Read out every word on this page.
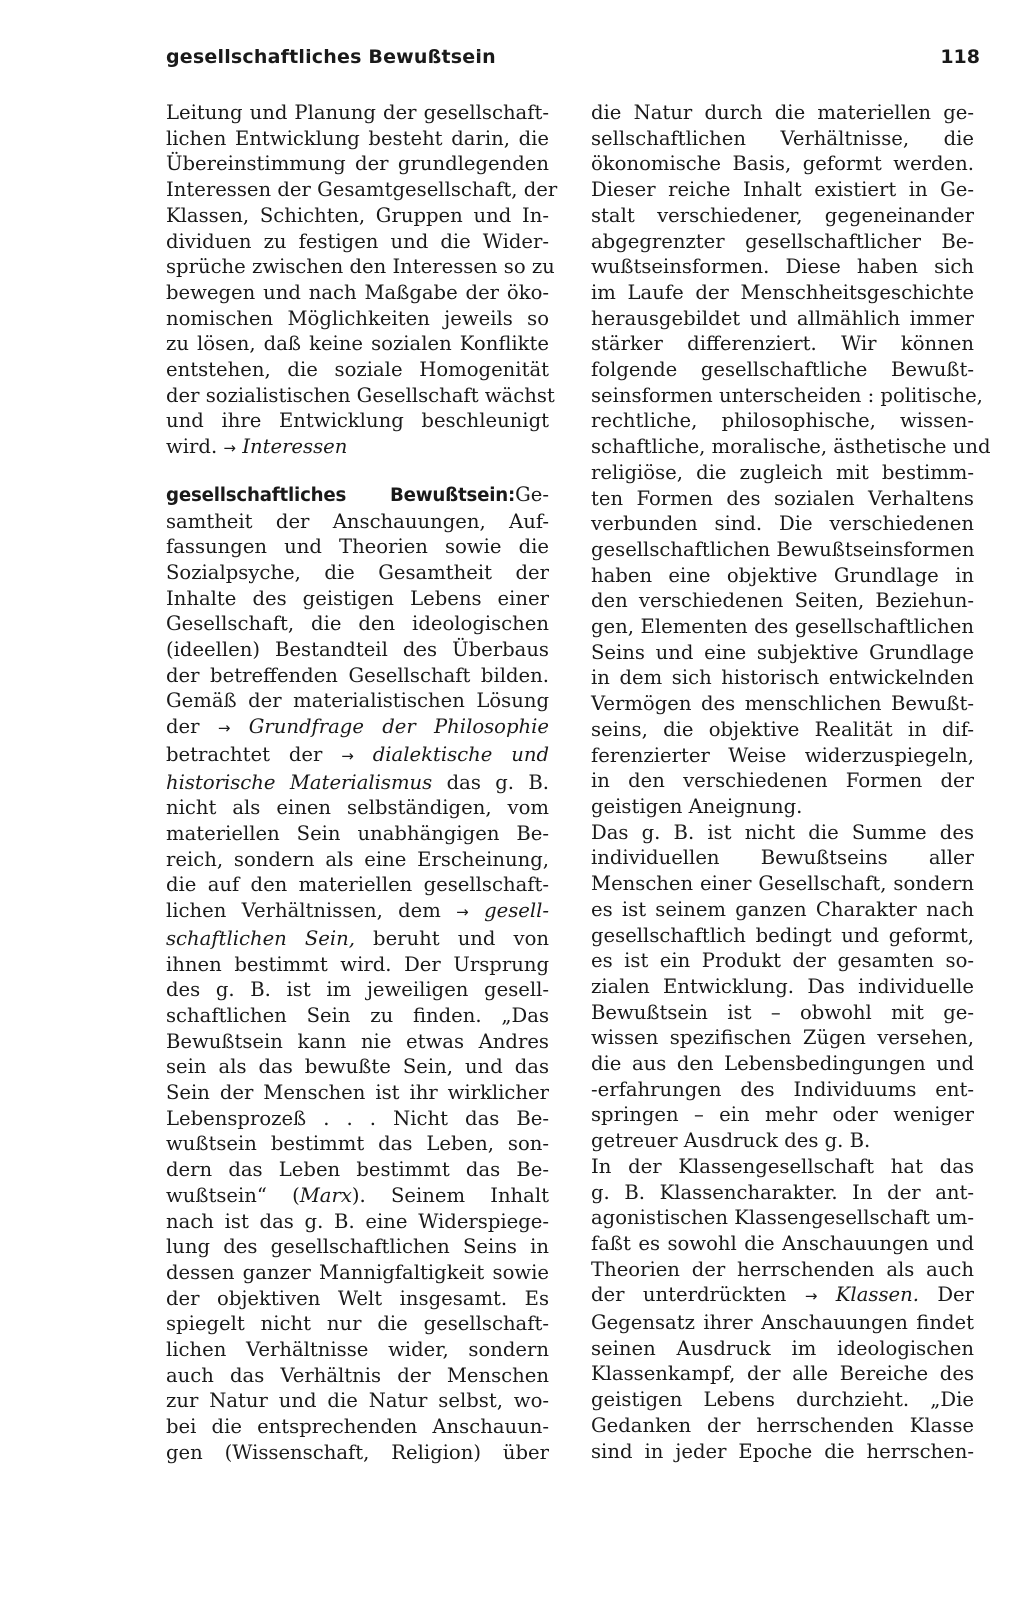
gesellschaftliches Bewußtsein	118
Leitung und Planung der gesellschaft-
lichen Entwicklung besteht darin, die
Übereinstimmung der grundlegenden
Interessen der Gesamtgesellschaft, der
Klassen, Schichten, Gruppen und In-
dividuen zu festigen und die Wider-
sprüche zwischen den Interessen so zu
bewegen und nach Maßgabe der öko-
nomischen Möglichkeiten jeweils so
zu lösen, daß keine sozialen Konflikte
entstehen, die soziale Homogenität
der sozialistischen Gesellschaft wächst
und ihre Entwicklung beschleunigt
wird. → Interessen
gesellschaftliches Bewußtsein:Ge-
samtheit der Anschauungen, Auf-
fassungen und Theorien sowie die
Sozialpsyche, die Gesamtheit der
Inhalte des geistigen Lebens einer
Gesellschaft, die den ideologischen
(ideellen) Bestandteil des Überbaus
der betreffenden Gesellschaft bilden.
Gemäß der materialistischen Lösung
der → Grundfrage der Philosophie
betrachtet der → dialektische und
historische Materialismus das g. B.
nicht als einen selbständigen, vom
materiellen Sein unabhängigen Be-
reich, sondern als eine Erscheinung,
die auf den materiellen gesellschaft-
lichen Verhältnissen, dem → gesell-
schaftlichen Sein, beruht und von
ihnen bestimmt wird. Der Ursprung
des g. B. ist im jeweiligen gesell-
schaftlichen Sein zu finden. „Das
Bewußtsein kann nie etwas Andres
sein als das bewußte Sein, und das
Sein der Menschen ist ihr wirklicher
Lebensprozeß . . . Nicht das Be-
wußtsein bestimmt das Leben, son-
dern das Leben bestimmt das Be-
wußtsein“ (Marx). Seinem Inhalt
nach ist das g. B. eine Widerspiege-
lung des gesellschaftlichen Seins in
dessen ganzer Mannigfaltigkeit sowie
der objektiven Welt insgesamt. Es
spiegelt nicht nur die gesellschaft-
lichen Verhältnisse wider, sondern
auch das Verhältnis der Menschen
zur Natur und die Natur selbst, wo-
bei die entsprechenden Anschauun-
gen (Wissenschaft, Religion) über
die Natur durch die materiellen ge-
sellschaftlichen Verhältnisse, die
ökonomische Basis, geformt werden.
Dieser reiche Inhalt existiert in Ge-
stalt verschiedener, gegeneinander
abgegrenzter gesellschaftlicher Be-
wußtseinsformen. Diese haben sich
im Laufe der Menschheitsgeschichte
herausgebildet und allmählich immer
stärker differenziert. Wir können
folgende gesellschaftliche Bewußt-
seinsformen unterscheiden : politische,
rechtliche, philosophische, wissen-
schaftliche, moralische, ästhetische und
religiöse, die zugleich mit bestimm-
ten Formen des sozialen Verhaltens
verbunden sind. Die verschiedenen
gesellschaftlichen Bewußtseinsformen
haben eine objektive Grundlage in
den verschiedenen Seiten, Beziehun-
gen, Elementen des gesellschaftlichen
Seins und eine subjektive Grundlage
in dem sich historisch entwickelnden
Vermögen des menschlichen Bewußt-
seins, die objektive Realität in dif-
ferenzierter Weise widerzuspiegeln,
in den verschiedenen Formen der
geistigen Aneignung.
Das g. B. ist nicht die Summe des
individuellen Bewußtseins aller
Menschen einer Gesellschaft, sondern
es ist seinem ganzen Charakter nach
gesellschaftlich bedingt und geformt,
es ist ein Produkt der gesamten so-
zialen Entwicklung. Das individuelle
Bewußtsein ist – obwohl mit ge-
wissen spezifischen Zügen versehen,
die aus den Lebensbedingungen und
-erfahrungen des Individuums ent-
springen – ein mehr oder weniger
getreuer Ausdruck des g. B.
In der Klassengesellschaft hat das
g. B. Klassencharakter. In der ant-
agonistischen Klassengesellschaft um-
faßt es sowohl die Anschauungen und
Theorien der herrschenden als auch
der unterdrückten → Klassen. Der
Gegensatz ihrer Anschauungen findet
seinen Ausdruck im ideologischen
Klassenkampf, der alle Bereiche des
geistigen Lebens durchzieht. „Die
Gedanken der herrschenden Klasse
sind in jeder Epoche die herrschen-
